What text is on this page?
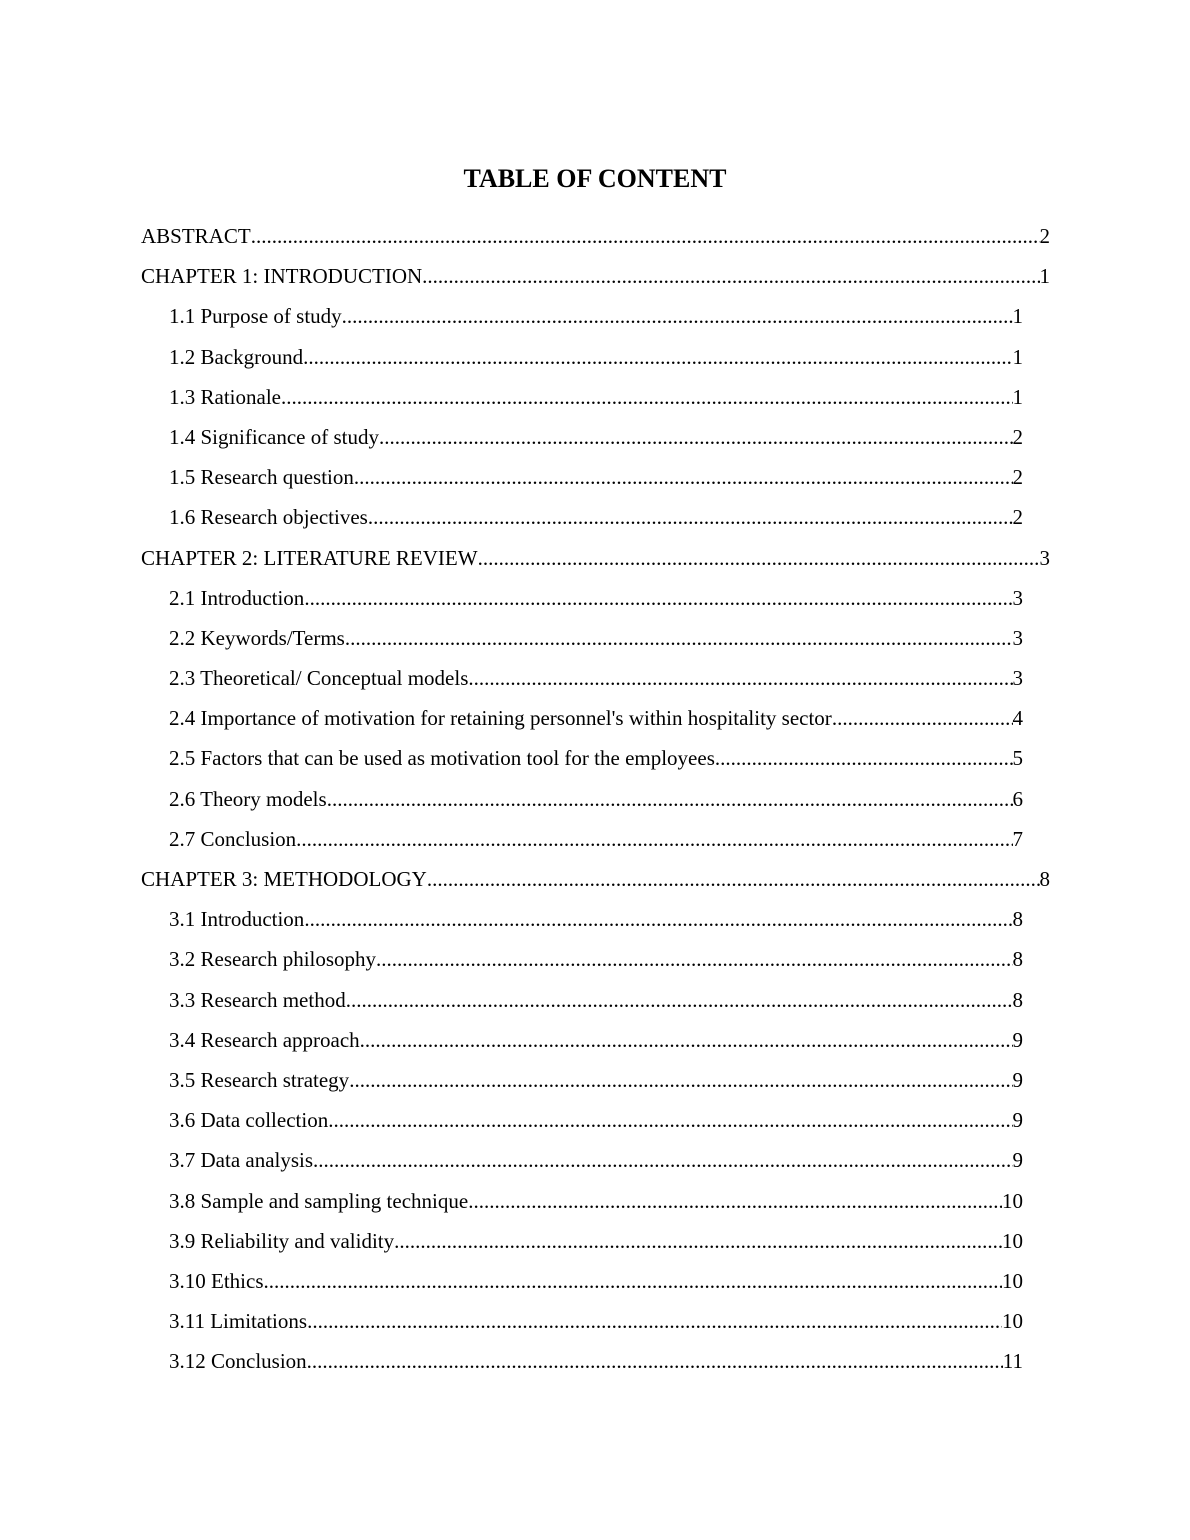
TABLE OF CONTENT
ABSTRACT .....	2
CHAPTER 1: INTRODUCTION .....	1
1.1 Purpose of study .....	1
1.2 Background .....	1
1.3 Rationale .....	1
1.4 Significance of study .....	2
1.5 Research question .....	2
1.6 Research objectives .....	2
CHAPTER 2: LITERATURE REVIEW .....	3
2.1 Introduction .....	3
2.2 Keywords/Terms .....	3
2.3 Theoretical/ Conceptual models .....	3
2.4 Importance of motivation for retaining personnel's within hospitality sector .....	4
2.5 Factors that can be used as motivation tool for the employees .....	5
2.6 Theory models .....	6
2.7 Conclusion .....	7
CHAPTER 3: METHODOLOGY .....	8
3.1 Introduction .....	8
3.2 Research philosophy .....	8
3.3 Research method .....	8
3.4 Research approach .....	9
3.5 Research strategy .....	9
3.6 Data collection .....	9
3.7 Data analysis .....	9
3.8 Sample and sampling technique .....	10
3.9 Reliability and validity .....	10
3.10 Ethics .....	10
3.11 Limitations .....	10
3.12 Conclusion .....	11
